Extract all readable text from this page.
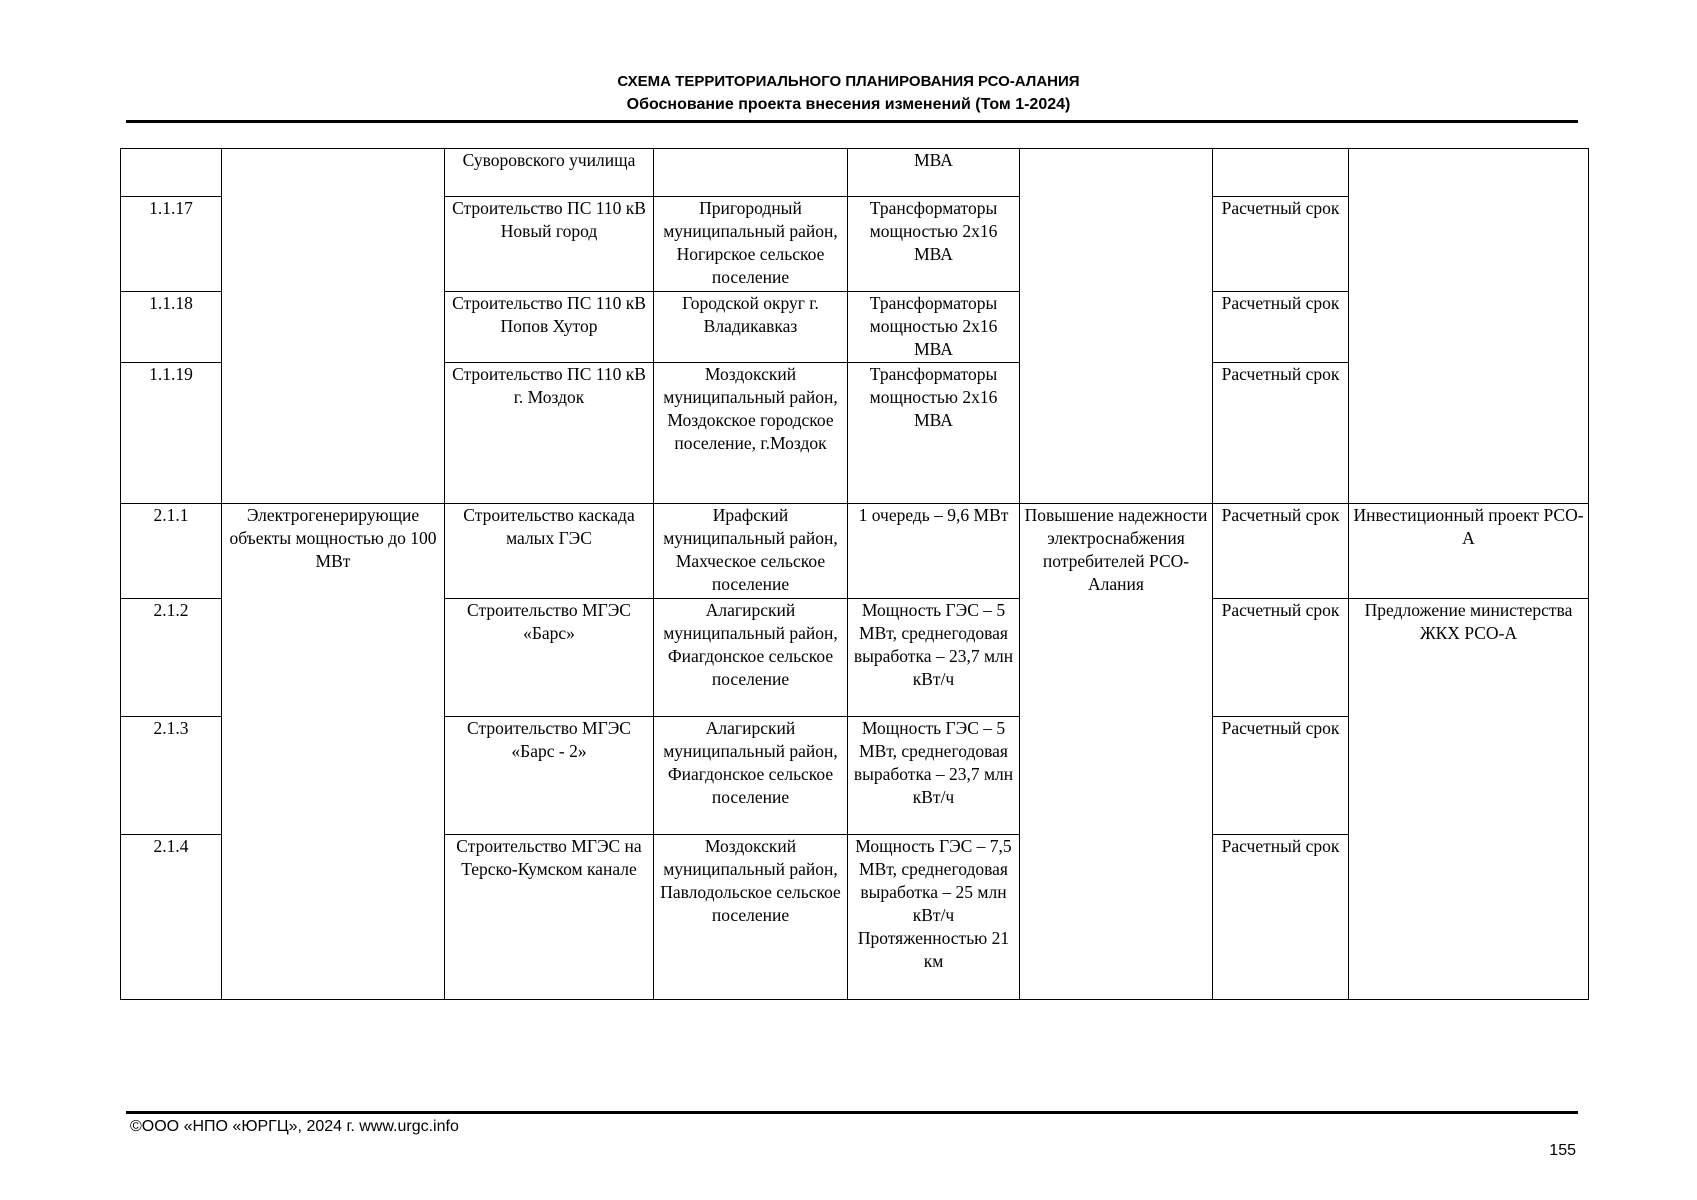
СХЕМА ТЕРРИТОРИАЛЬНОГО ПЛАНИРОВАНИЯ РСО-АЛАНИЯ
Обоснование проекта внесения изменений (Том 1-2024)
		Суворовского училища		МВА			
1.1.17		Строительство ПС 110 кВ Новый город	Пригородный муниципальный район, Ногирское сельское поселение	Трансформаторы мощностью 2х16 МВА		Расчетный срок	
1.1.18		Строительство ПС 110 кВ Попов Хутор	Городской округ г. Владикавказ	Трансформаторы мощностью 2х16 МВА		Расчетный срок	
1.1.19		Строительство ПС 110 кВ г. Моздок	Моздокский муниципальный район, Моздокское городское поселение, г.Моздок	Трансформаторы мощностью 2х16 МВА		Расчетный срок	
2.1.1	Электрогенерирующие объекты мощностью до 100 МВт	Строительство каскада малых ГЭС	Ирафский муниципальный район, Махческое сельское поселение	1 очередь – 9,6 МВт	Повышение надежности электроснабжения потребителей РСО-Алания	Расчетный срок	Инвестиционный проект РСО-А
2.1.2		Строительство МГЭС «Барс»	Алагирский муниципальный район, Фиагдонское сельское поселение	Мощность ГЭС – 5 МВт, среднегодовая выработка – 23,7 млн кВт/ч		Расчетный срок	Предложение министерства ЖКХ РСО-А
2.1.3		Строительство МГЭС «Барс - 2»	Алагирский муниципальный район, Фиагдонское сельское поселение	Мощность ГЭС – 5 МВт, среднегодовая выработка – 23,7 млн кВт/ч		Расчетный срок	
2.1.4		Строительство МГЭС на Терско-Кумском канале	Моздокский муниципальный район, Павлодольское сельское поселение	Мощность ГЭС – 7,5 МВт, среднегодовая выработка – 25 млн кВт/ч Протяженностью 21 км		Расчетный срок	
©ООО «НПО «ЮРГЦ», 2024 г. www.urgc.info
155
